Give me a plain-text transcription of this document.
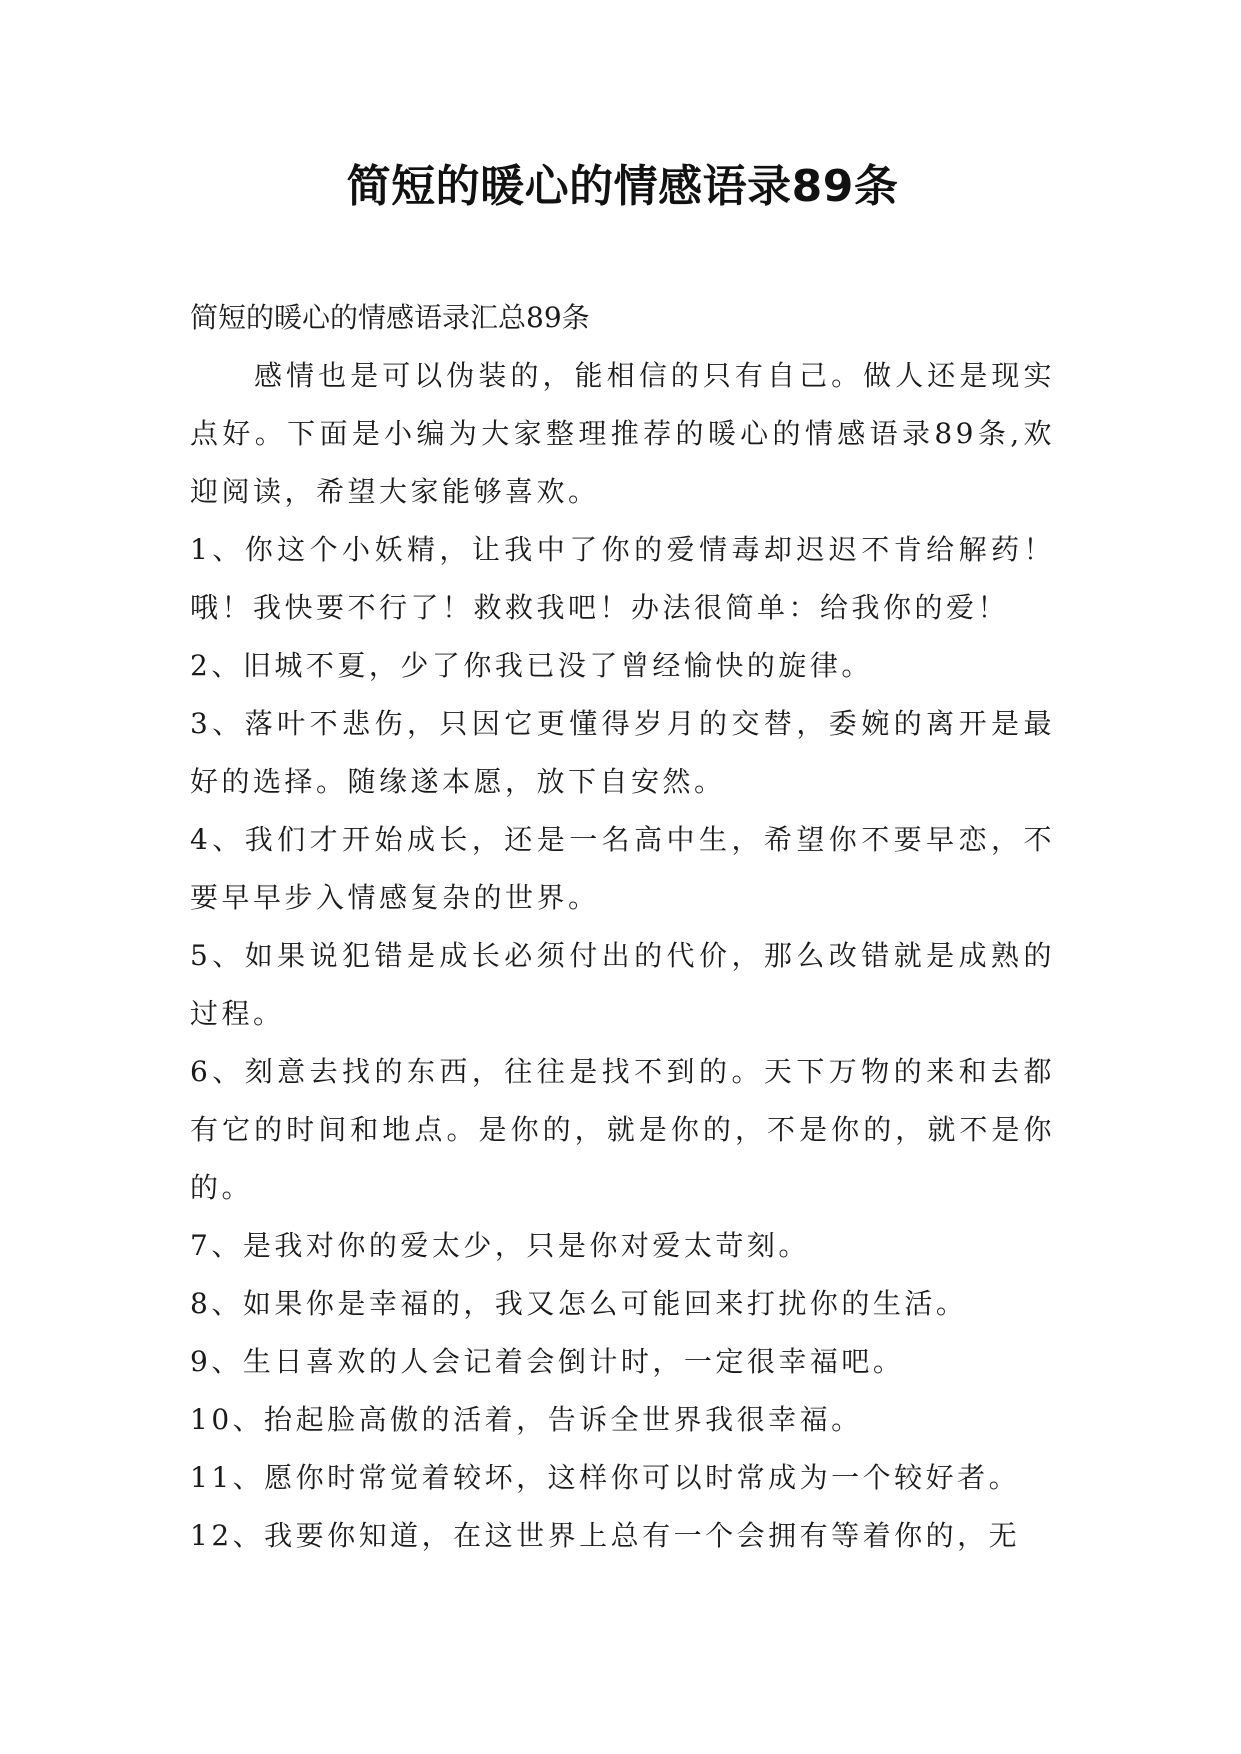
简短的暖心的情感语录89条

简短的暖心的情感语录汇总89条

感情也是可以伪装的，能相信的只有自己。做人还是现实点好。下面是小编为大家整理推荐的暖心的情感语录89条,欢迎阅读，希望大家能够喜欢。

1、你这个小妖精，让我中了你的爱情毒却迟迟不肯给解药！哦！我快要不行了！救救我吧！办法很简单：给我你的爱！

2、旧城不夏，少了你我已没了曾经愉快的旋律。

3、落叶不悲伤，只因它更懂得岁月的交替，委婉的离开是最好的选择。随缘遂本愿，放下自安然。

4、我们才开始成长，还是一名高中生，希望你不要早恋，不要早早步入情感复杂的世界。

5、如果说犯错是成长必须付出的代价，那么改错就是成熟的过程。

6、刻意去找的东西，往往是找不到的。天下万物的来和去都有它的时间和地点。是你的，就是你的，不是你的，就不是你的。

7、是我对你的爱太少，只是你对爱太苛刻。

8、如果你是幸福的，我又怎么可能回来打扰你的生活。

9、生日喜欢的人会记着会倒计时，一定很幸福吧。

10、抬起脸高傲的活着，告诉全世界我很幸福。

11、愿你时常觉着较坏，这样你可以时常成为一个较好者。

12、我要你知道，在这世界上总有一个会拥有等着你的，无
